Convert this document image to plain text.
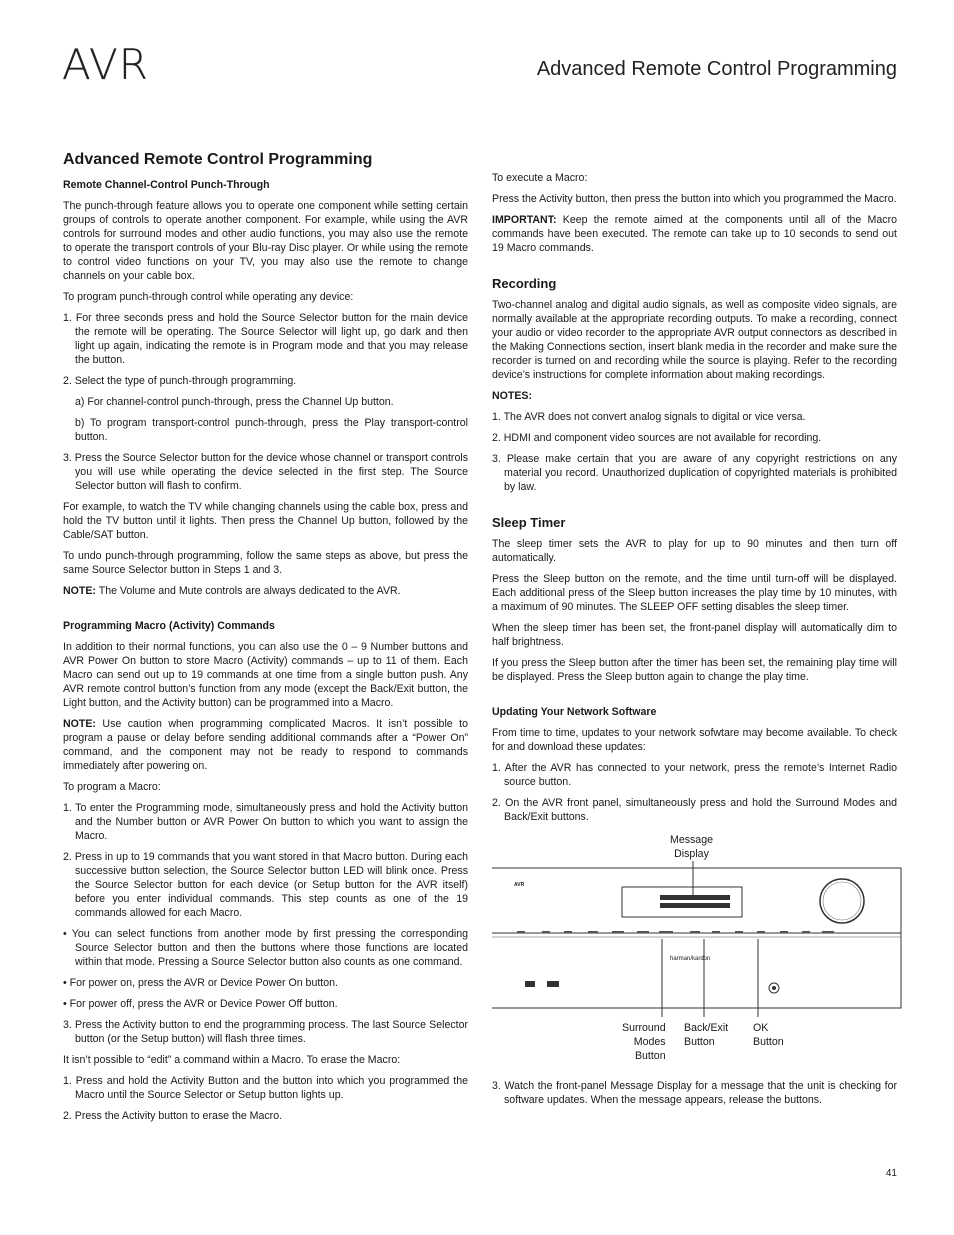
AVR	Advanced Remote Control Programming
Advanced Remote Control Programming
Remote Channel-Control Punch-Through

The punch-through feature allows you to operate one component while setting certain groups of controls to operate another component. For example, while using the AVR controls for surround modes and other audio functions, you may also use the remote to operate the transport controls of your Blu-ray Disc player. Or while using the remote to control video functions on your TV, you may also use the remote to change channels on your cable box.

To program punch-through control while operating any device:

1. For three seconds press and hold the Source Selector button for the main device the remote will be operating. The Source Selector will light up, go dark and then light up again, indicating the remote is in Program mode and that you may release the button.
2. Select the type of punch-through programming.
a) For channel-control punch-through, press the Channel Up button.
b) To program transport-control punch-through, press the Play transport-control button.
3. Press the Source Selector button for the device whose channel or transport controls you will use while operating the device selected in the first step. The Source Selector button will flash to confirm.

For example, to watch the TV while changing channels using the cable box, press and hold the TV button until it lights. Then press the Channel Up button, followed by the Cable/SAT button.

To undo punch-through programming, follow the same steps as above, but press the same Source Selector button in Steps 1 and 3.

NOTE: The Volume and Mute controls are always dedicated to the AVR.

Programming Macro (Activity) Commands

In addition to their normal functions, you can also use the 0 – 9 Number buttons and AVR Power On button to store Macro (Activity) commands – up to 11 of them. Each Macro can send out up to 19 commands at one time from a single button push. Any AVR remote control button’s function from any mode (except the Back/Exit button, the Light button, and the Activity button) can be programmed into a Macro.

NOTE: Use caution when programming complicated Macros. It isn’t possible to program a pause or delay before sending additional commands after a “Power On” command, and the component may not be ready to respond to commands immediately after powering on.

To program a Macro:

1. To enter the Programming mode, simultaneously press and hold the Activity button and the Number button or AVR Power On button to which you want to assign the Macro.
2. Press in up to 19 commands that you want stored in that Macro button. During each successive button selection, the Source Selector button LED will blink once. Press the Source Selector button for each device (or Setup button for the AVR itself) before you enter individual commands. This step counts as one of the 19 commands allowed for each Macro.
• You can select functions from another mode by first pressing the corresponding Source Selector button and then the buttons where those functions are located within that mode. Pressing a Source Selector button also counts as one command.
• For power on, press the AVR or Device Power On button.
• For power off, press the AVR or Device Power Off button.
3. Press the Activity button to end the programming process. The last Source Selector button (or the Setup button) will flash three times.

It isn’t possible to “edit” a command within a Macro. To erase the Macro:

1. Press and hold the Activity Button and the button into which you programmed the Macro until the Source Selector or Setup button lights up.
2. Press the Activity button to erase the Macro.

To execute a Macro:

Press the Activity button, then press the button into which you programmed the Macro.

IMPORTANT: Keep the remote aimed at the components until all of the Macro commands have been executed. The remote can take up to 10 seconds to send out 19 Macro commands.

Recording

Two-channel analog and digital audio signals, as well as composite video signals, are normally available at the appropriate recording outputs. To make a recording, connect your audio or video recorder to the appropriate AVR output connectors as described in the Making Connections section, insert blank media in the recorder and make sure the recorder is turned on and recording while the source is playing. Refer to the recording device’s instructions for complete information about making recordings.

NOTES:
1. The AVR does not convert analog signals to digital or vice versa.
2. HDMI and component video sources are not available for recording.
3. Please make certain that you are aware of any copyright restrictions on any material you record. Unauthorized duplication of copyrighted materials is prohibited by law.
Sleep Timer

The sleep timer sets the AVR to play for up to 90 minutes and then turn off automatically.

Press the Sleep button on the remote, and the time until turn-off will be displayed. Each additional press of the Sleep button increases the play time by 10 minutes, with a maximum of 90 minutes. The SLEEP OFF setting disables the sleep timer.

When the sleep timer has been set, the front-panel display will automatically dim to half brightness.

If you press the Sleep button after the timer has been set, the remaining play time will be displayed. Press the Sleep button again to change the play time.

Updating Your Network Software

From time to time, updates to your network sofwtare may become available. To check for and download these updates:

1. After the AVR has connected to your network, press the remote’s Internet Radio source button.
2. On the AVR front panel, simultaneously press and hold the Surround Modes and Back/Exit buttons.
Message
Display
AVR
harman/kardon
Surround
Modes
Button
Back/Exit
Button
OK
Button
3. Watch the front-panel Message Display for a message that the unit is checking for software updates. When the message appears, release the buttons.
41
